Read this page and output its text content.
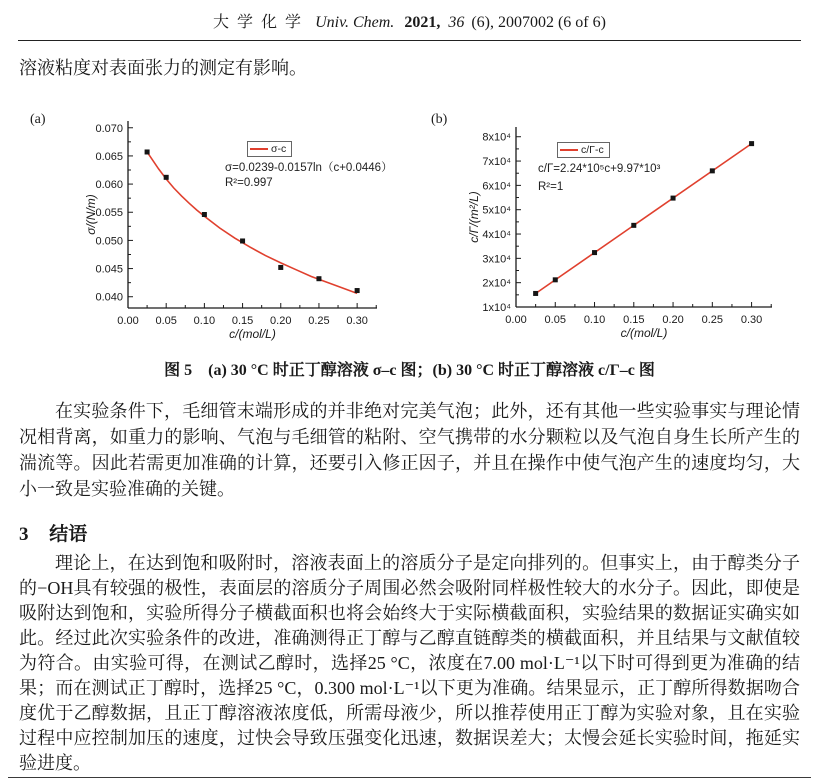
大 学 化 学 Univ. Chem. 2021, 36 (6), 2007002 (6 of 6)
溶液粘度对表面张力的测定有影响。
0.00 0.05 0.10 0.15 0.20 0.25 0.30
0.040
0.045
0.050
0.055
0.060
0.065
0.070
c/(mol/L)
σ/(N/m)
(a)
σ-c
σ=0.0239-0.0157ln（c+0.0446）
R²=0.997
0.00 0.05 0.10 0.15 0.20 0.25 0.30
1x10⁴
2x10⁴
3x10⁴
4x10⁴
5x10⁴
6x10⁴
7x10⁴
8x10⁴
c/(mol/L)
c/Γ/(m²/L)
(b)
c/Γ-c
c/Γ=2.24*10⁵c+9.97*10³
R²=1
图 5　(a) 30 °C 时正丁醇溶液 σ–c 图；(b) 30 °C 时正丁醇溶液 c/Γ–c 图
在实验条件下，毛细管末端形成的并非绝对完美气泡；此外，还有其他一些实验事实与理论情况相背离，如重力的影响、气泡与毛细管的粘附、空气携带的水分颗粒以及气泡自身生长所产生的湍流等。因此若需更加准确的计算，还要引入修正因子，并且在操作中使气泡产生的速度均匀，大小一致是实验准确的关键。
3 结语
理论上，在达到饱和吸附时，溶液表面上的溶质分子是定向排列的。但事实上，由于醇类分子的−OH具有较强的极性，表面层的溶质分子周围必然会吸附同样极性较大的水分子。因此，即使是吸附达到饱和，实验所得分子横截面积也将会始终大于实际横截面积，实验结果的数据证实确实如此。经过此次实验条件的改进，准确测得正丁醇与乙醇直链醇类的横截面积，并且结果与文献值较为符合。由实验可得，在测试乙醇时，选择25 °C，浓度在7.00 mol·L⁻¹以下时可得到更为准确的结果；而在测试正丁醇时，选择25 °C，0.300 mol·L⁻¹以下更为准确。结果显示，正丁醇所得数据吻合度优于乙醇数据，且正丁醇溶液浓度低，所需母液少，所以推荐使用正丁醇为实验对象，且在实验过程中应控制加压的速度，过快会导致压强变化迅速，数据误差大；太慢会延长实验时间，拖延实验进度。
